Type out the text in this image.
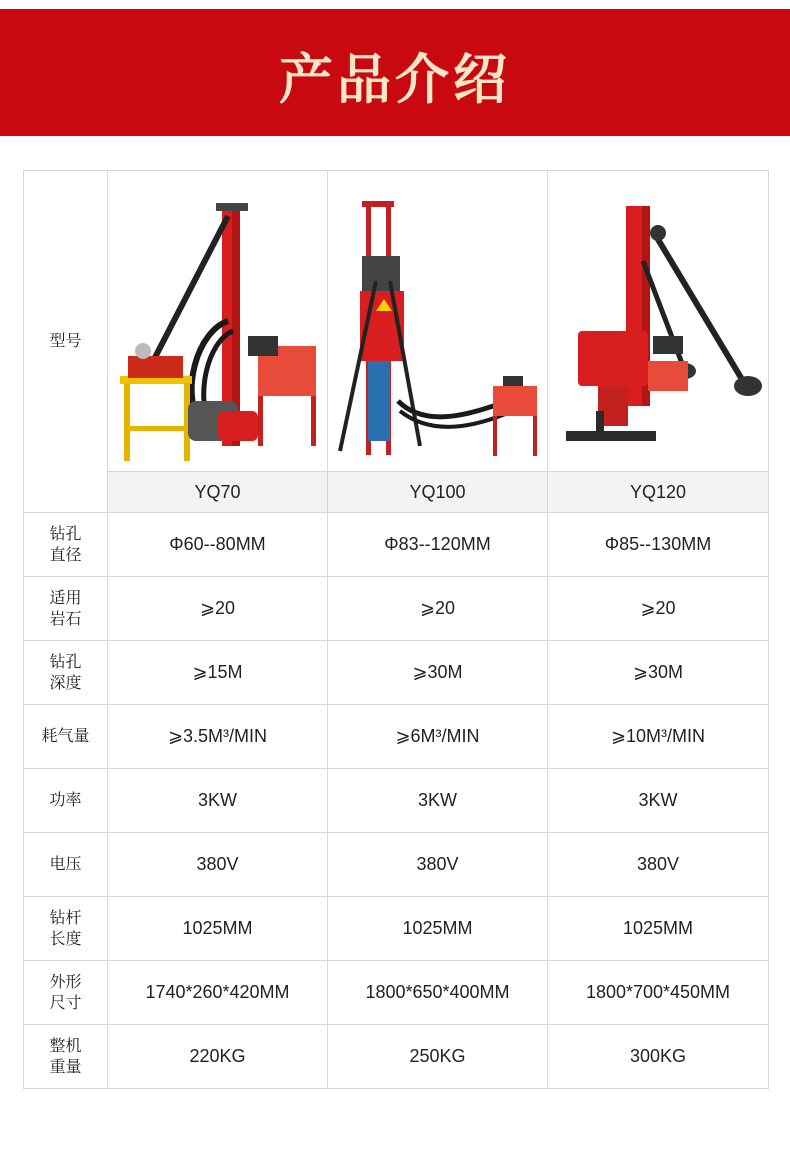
产品介绍
型号	

	YQ70	YQ100	YQ120
钻孔
直径	Φ60--80MM	Φ83--120MM	Φ85--130MM
适用
岩石	⩾20	⩾20	⩾20
钻孔
深度	⩾15M	⩾30M	⩾30M
耗气量	⩾3.5M³/MIN	⩾6M³/MIN	⩾10M³/MIN
功率	3KW	3KW	3KW
电压	380V	380V	380V
钻杆
长度	1025MM	1025MM	1025MM
外形
尺寸	1740*260*420MM	1800*650*400MM	1800*700*450MM
整机
重量	220KG	250KG	300KG
